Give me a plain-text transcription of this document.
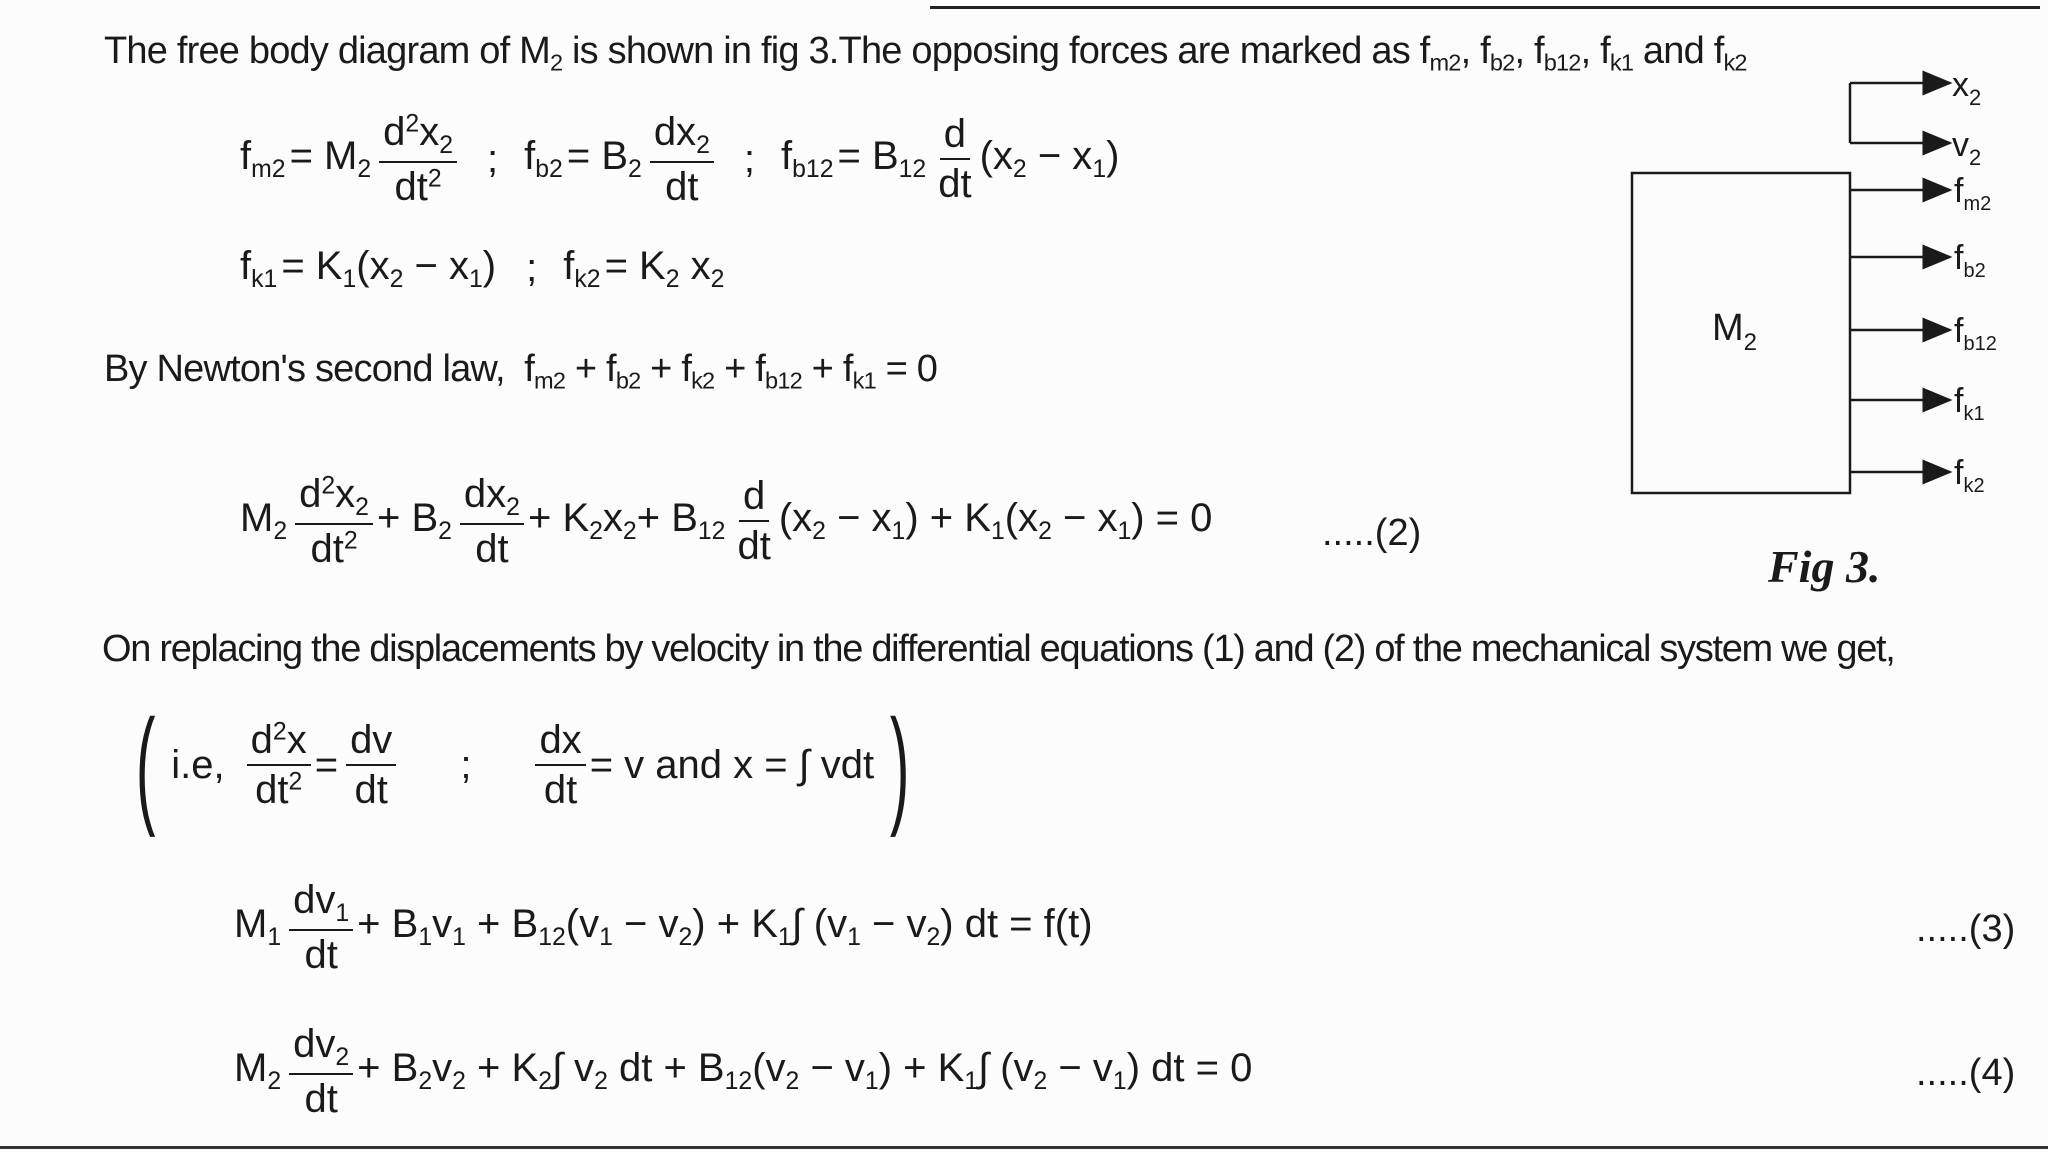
The free body diagram of $M_2$ is shown in fig 3.The opposing forces are marked as $f_{m2}$, $f_{b2}$, $f_{b12}$, $f_{k1}$ and $f_{k2}$
$f_{m2} = M_2 \frac{d^2x_2}{dt^2}$ ; $f_{b2} = B_2 \frac{dx_2}{dt}$ ; $f_{b12} = B_{12} \frac{d}{dt} (x_2 - x_1)$
$f_{k1} = K_1(x_2 - x_1)$ ; $f_{k2} = K_2$ $x_2$
By Newton's second law, $f_{m2} + f_{b2} + f_{k2} + f_{b12} + f_{k1} = 0$
$M_2 \frac{d^2x_2}{dt^2} + B_2 \frac{dx_2}{dt} + K_2x_2+ B_{12} \frac{d}{dt} (x_2 - x_1) + K_1(x_2 - x_1) = 0$	.....(2)
On replacing the displacements by velocity in the differential equations (1) and (2) of the mechanical system we get,
( i.e, $\frac{d^2x}{dt^2} = \frac{dv}{dt}$ ; $\frac{dx}{dt} = v$ and x = ∫ vdt )
$M_1 \frac{dv_1}{dt} + B_1v_1 + B_{12}(v_1 - v_2) + K_1\int$ $(v_1 - v_2)$ dt = f(t)	.....(3)
$M_2 \frac{dv_2}{dt} + B_2v_2 + K_2\int$ $v_2$ dt + $B_{12}(v_2 - v_1) + K_1\int$ $(v_2 - v_1)$ dt = 0	.....(4)
$M_2$
$x_2$
$v_2$
$f_{m2}$
$f_{b2}$
$f_{b12}$
$f_{k1}$
$f_{k2}$
Fig 3.
